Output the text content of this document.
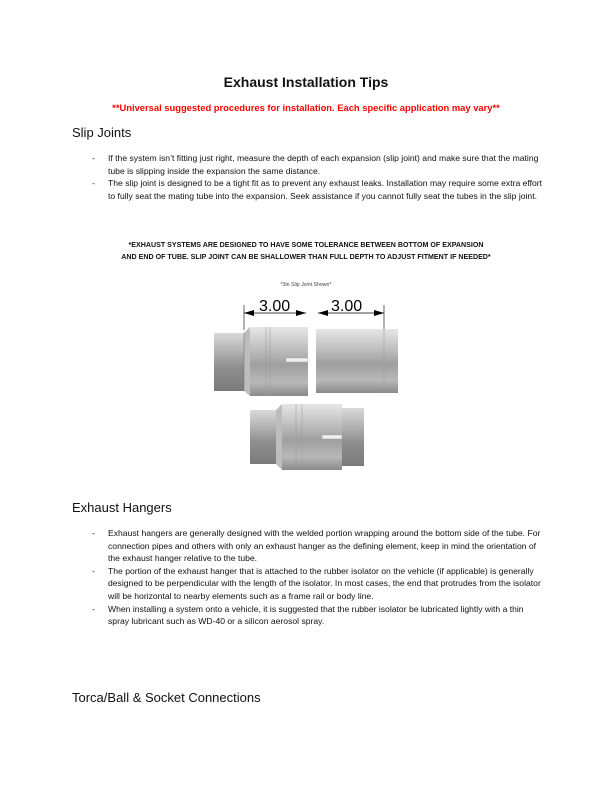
Exhaust Installation Tips
**Universal suggested procedures for installation. Each specific application may vary**
Slip Joints
- If the system isn’t fitting just right, measure the depth of each expansion (slip joint) and make sure that the mating tube is slipping inside the expansion the same distance.
- The slip joint is designed to be a tight fit as to prevent any exhaust leaks. Installation may require some extra effort to fully seat the mating tube into the expansion. Seek assistance if you cannot fully seat the tubes in the slip joint.
*EXHAUST SYSTEMS ARE DESIGNED TO HAVE SOME TOLERANCE BETWEEN BOTTOM OF EXPANSION
AND END OF TUBE. SLIP JOINT CAN BE SHALLOWER THAN FULL DEPTH TO ADJUST FITMENT IF NEEDED*
*3in Slip Joint Shown*
3.00	3.00
Exhaust Hangers
- Exhaust hangers are generally designed with the welded portion wrapping around the bottom side of the tube. For connection pipes and others with only an exhaust hanger as the defining element, keep in mind the orientation of the exhaust hanger relative to the tube.
- The portion of the exhaust hanger that is attached to the rubber isolator on the vehicle (if applicable) is generally designed to be perpendicular with the length of the isolator. In most cases, the end that protrudes from the isolator will be horizontal to nearby elements such as a frame rail or body line.
- When installing a system onto a vehicle, it is suggested that the rubber isolator be lubricated lightly with a thin spray lubricant such as WD-40 or a silicon aerosol spray.
Torca/Ball & Socket Connections
